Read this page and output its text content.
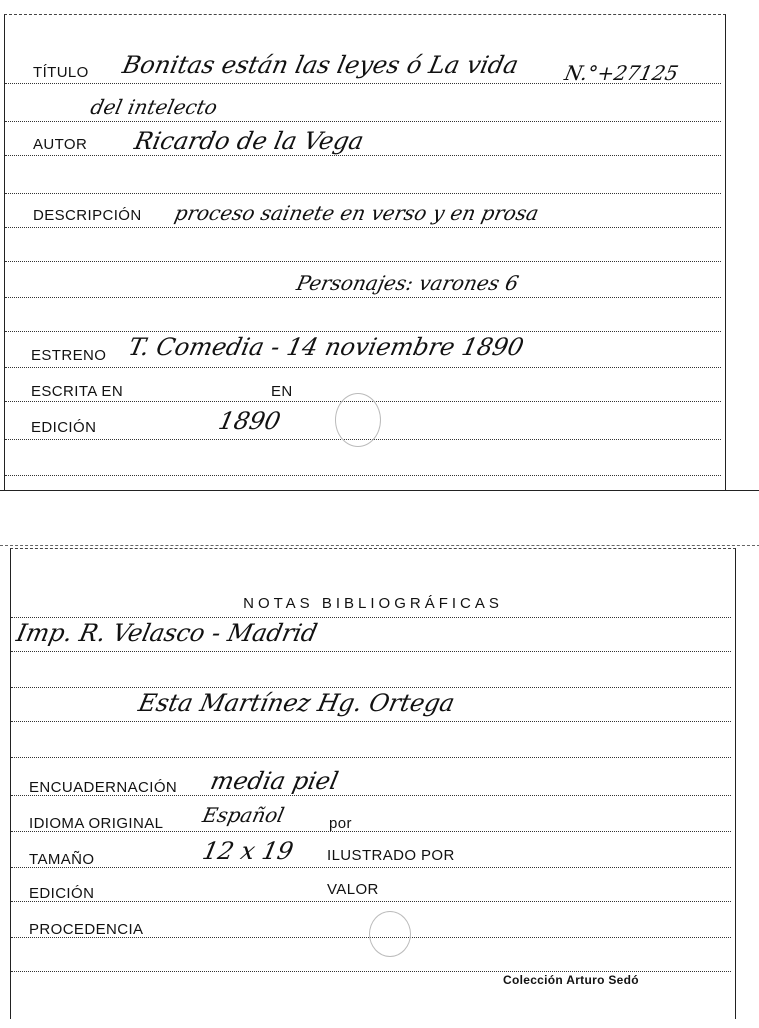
TÍTULO Bonitas están las leyes ó La vida N.°+27125
del intelecto
AUTOR Ricardo de la Vega
DESCRIPCIÓN proceso sainete en verso y en prosa
Personajes: varones 6
ESTRENO T. Comedia - 14 noviembre 1890
ESCRITA EN	EN
EDICIÓN	1890
NOTAS BIBLIOGRÁFICAS
Imp. R. Velasco - Madrid
Esta Martínez Hg. Ortega
ENCUADERNACIÓN media piel
IDIOMA ORIGINAL Español	por
TAMAÑO	12 x 19 ILUSTRADO POR
EDICIÓN	VALOR
PROCEDENCIA
Colección Arturo Sedó
